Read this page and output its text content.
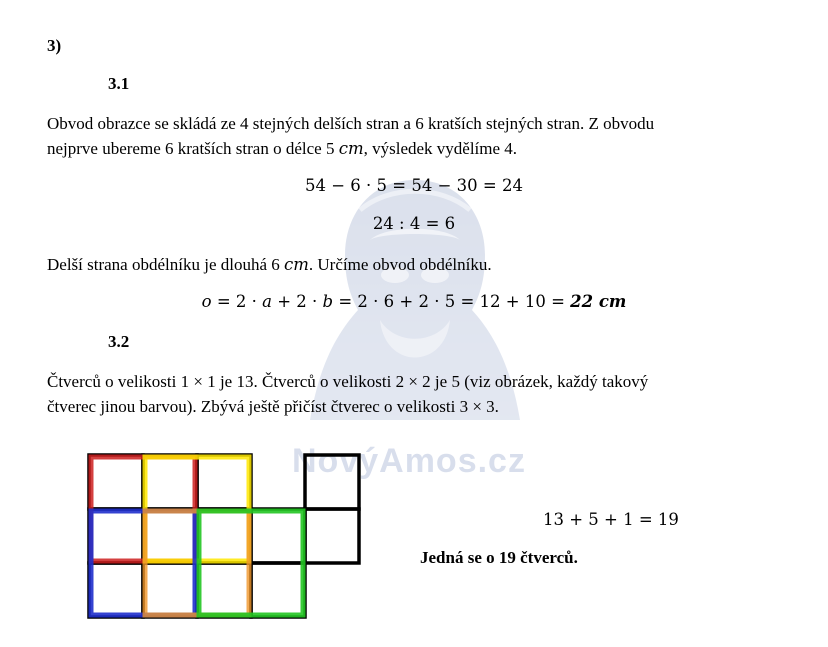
NovýAmos.cz
3)
3.1
Obvod obrazce se skládá ze 4 stejných delších stran a 6 kratších stejných stran. Z obvodu
nejprve ubereme 6 kratších stran o délce 5 cm, výsledek vydělíme 4.
54 − 6 · 5 = 54 − 30 = 24
24 : 4 = 6
Delší strana obdélníku je dlouhá 6 cm. Určíme obvod obdélníku.
o = 2 · a + 2 · b = 2 · 6 + 2 · 5 = 12 + 10 = 22 cm
3.2
Čtverců o velikosti 1 × 1 je 13. Čtverců o velikosti 2 × 2 je 5 (viz obrázek, každý takový
čtverec jinou barvou). Zbývá ještě přičíst čtverec o velikosti 3 × 3.
13 + 5 + 1 = 19
Jedná se o 19 čtverců.
